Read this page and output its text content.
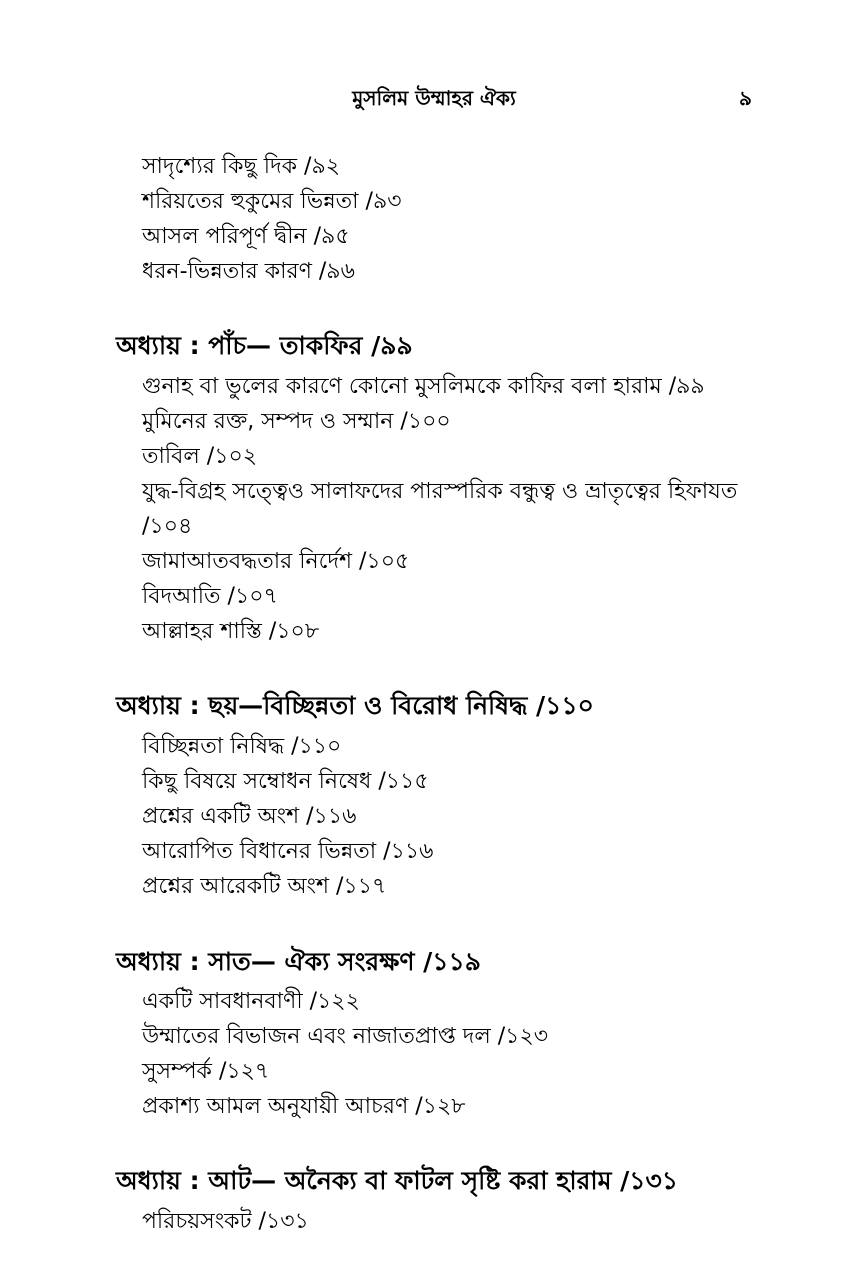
মুসলিম উম্মাহর ঐক্য	৯
সাদৃশ্যের কিছু দিক /৯২
শরিয়তের হুকুমের ভিন্নতা /৯৩
আসল পরিপূর্ণ দ্বীন /৯৫
ধরন-ভিন্নতার কারণ /৯৬
অধ্যায় : পাঁচ— তাকফির /৯৯
গুনাহ বা ভুলের কারণে কোনো মুসলিমকে কাফির বলা হারাম /৯৯
মুমিনের রক্ত, সম্পদ ও সম্মান /১০০
তাবিল /১০২
যুদ্ধ-বিগ্রহ সত্ত্বেও সালাফদের পারস্পরিক বন্ধুত্ব ও ভ্রাতৃত্বের হিফাযত
/১০৪
জামাআতবদ্ধতার নির্দেশ /১০৫
বিদআতি /১০৭
আল্লাহর শাস্তি /১০৮
অধ্যায় : ছয়—বিচ্ছিন্নতা ও বিরোধ নিষিদ্ধ /১১০
বিচ্ছিন্নতা নিষিদ্ধ /১১০
কিছু বিষয়ে সম্বোধন নিষেধ /১১৫
প্রশ্নের একটি অংশ /১১৬
আরোপিত বিধানের ভিন্নতা /১১৬
প্রশ্নের আরেকটি অংশ /১১৭
অধ্যায় : সাত— ঐক্য সংরক্ষণ /১১৯
একটি সাবধানবাণী /১২২
উম্মাতের বিভাজন এবং নাজাতপ্রাপ্ত দল /১২৩
সুসম্পর্ক /১২৭
প্রকাশ্য আমল অনুযায়ী আচরণ /১২৮
অধ্যায় : আট— অনৈক্য বা ফাটল সৃষ্টি করা হারাম /১৩১
পরিচয়সংকট /১৩১
